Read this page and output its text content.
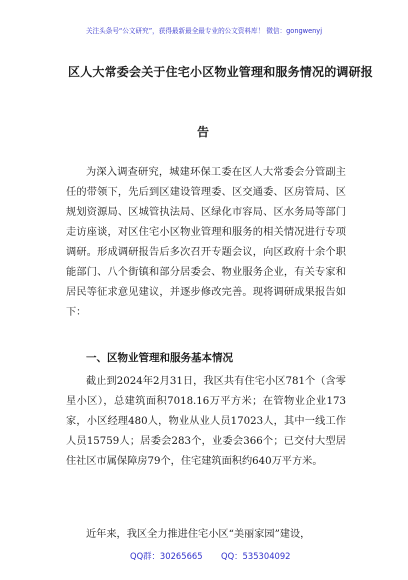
关注头条号“公文研究”，获得最新最全最专业的公文资料库！ 微信：gongwenyj
区人大常委会关于住宅小区物业管理和服务情况的调研报
告

为深入调查研究，城建环保工委在区人大常委会分管副主任的带领下，先后到区建设管理委、区交通委、区房管局、区规划资源局、区城管执法局、区绿化市容局、区水务局等部门走访座谈，对区住宅小区物业管理和服务的相关情况进行专项调研。形成调研报告后多次召开专题会议，向区政府十余个职能部门、八个街镇和部分居委会、物业服务企业，有关专家和居民等征求意见建议，并逐步修改完善。现将调研成果报告如下：

一、区物业管理和服务基本情况

截止到2024年2月31日，我区共有住宅小区781个（含零星小区），总建筑面积7018.16万平方米；在管物业企业173家，小区经理480人，物业从业人员17023人，其中一线工作人员15759人；居委会283个，业委会366个；已交付大型居住社区市属保障房79个，住宅建筑面积约640万平方米。

近年来，我区全力推进住宅小区“美丽家园”建设，

QQ群：30265665 QQ：535304092
